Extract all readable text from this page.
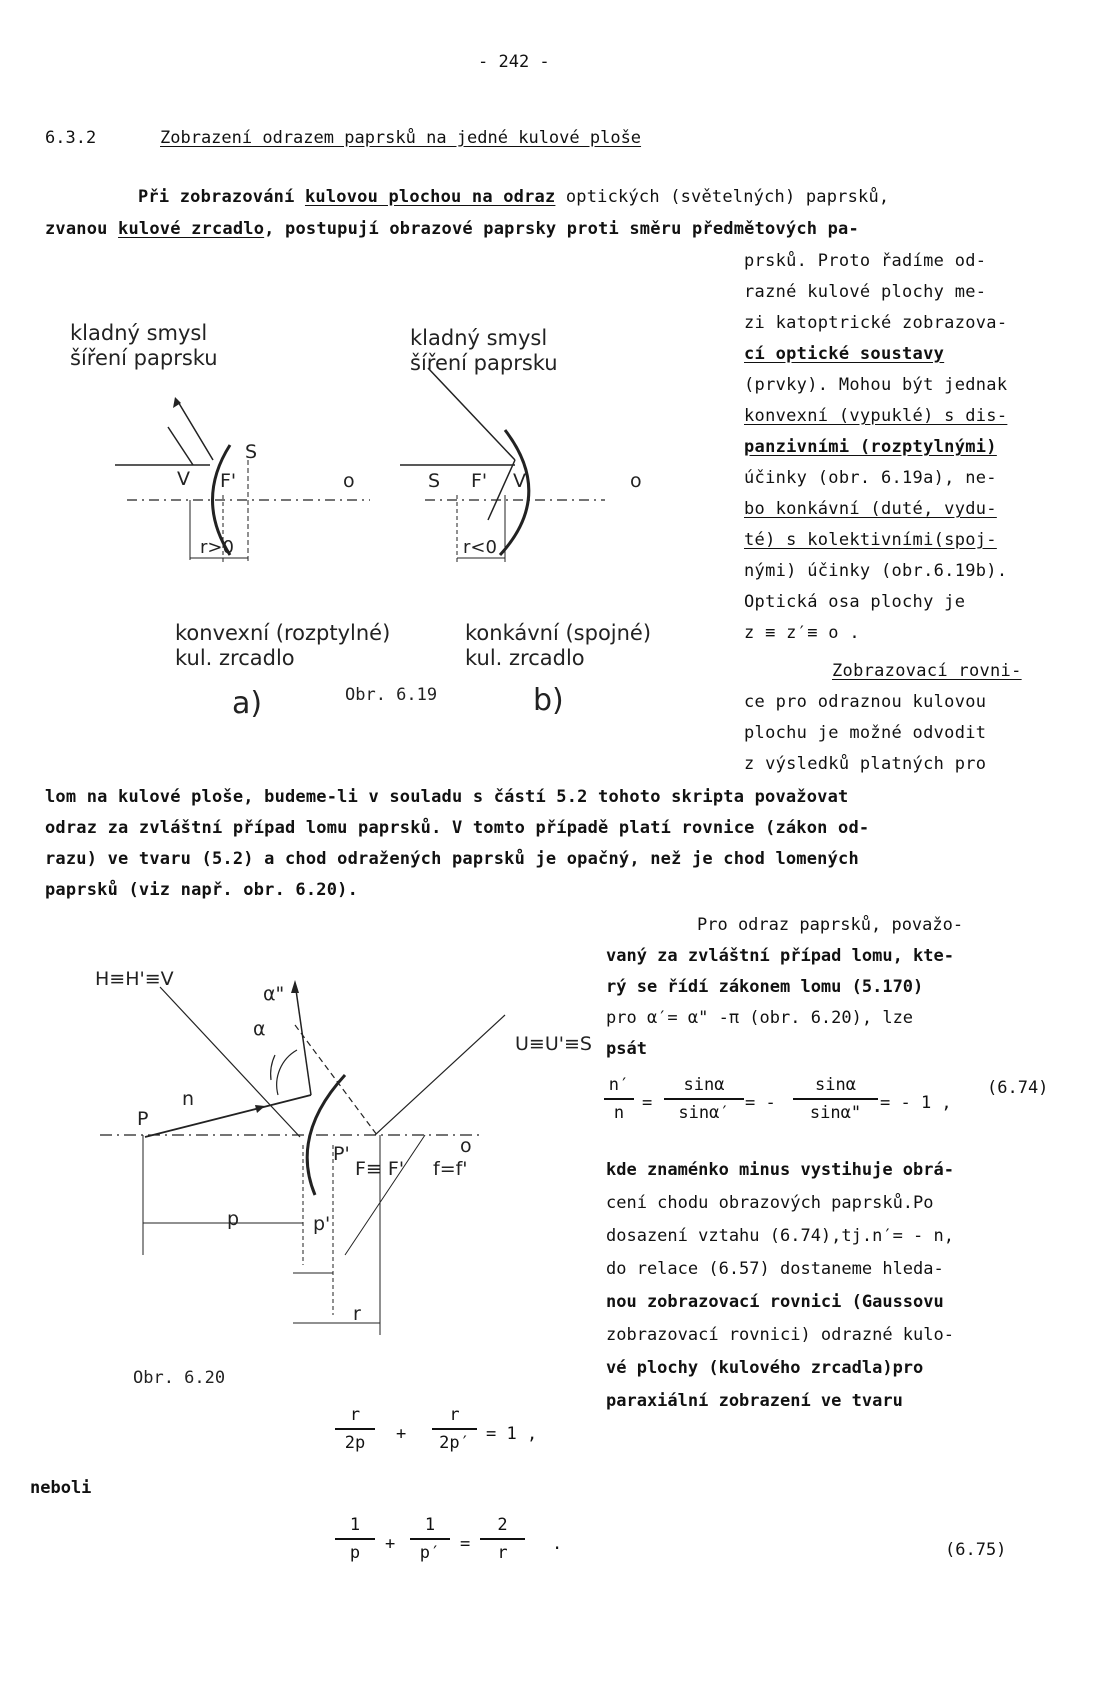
- 242 -
6.3.2	Zobrazení odrazem paprsků na jedné kulové ploše
Při zobrazování kulovou plochou na odraz optických (světelných) paprsků,
zvanou kulové zrcadlo, postupují obrazové paprsky proti směru předmětových pa-
prsků. Proto řadíme od-
razné kulové plochy me-
zi katoptrické zobrazova-
cí optické soustavy
(prvky). Mohou být jednak
konvexní (vypuklé) s dis-
panzivními (rozptylnými)
účinky (obr. 6.19a), ne-
bo konkávní (duté, vydu-
té) s kolektivními(spoj-
nými) účinky (obr.6.19b).
Optická osa plochy je
z ≡ z′≡ o .
Zobrazovací rovni-
ce pro odraznou kulovou
plochu je možné odvodit
z výsledků platných pro
kladný smysl
šíření paprsku
kladný smysl
šíření paprsku
V F'
S
o
r>0
S F' V	o
r<0
konvexní (rozptylné)
kul. zrcadlo
konkávní (spojné)
kul. zrcadlo
a)	b)
Obr. 6.19
lom na kulové ploše, budeme-li v souladu s částí 5.2 tohoto skripta považovat
odraz za zvláštní případ lomu paprsků. V tomto případě platí rovnice (zákon od-
razu) ve tvaru (5.2) a chod odražených paprsků je opačný, než je chod lomených
paprsků (viz např. obr. 6.20).
H≡H'≡V
U≡U'≡S
α"
α
n
P
P'
F≡ F' f=f'
o
p	p'
r
Obr. 6.20
Pro odraz paprsků, považo-
vaný za zvláštní případ lomu, kte-
rý se řídí zákonem lomu (5.170)
pro α′= α" -π (obr. 6.20), lze
psát
n′
n	=
sinα
sinα′ = -
sinα
sinα"	= - 1 ,
(6.74)
kde znaménko minus vystihuje obrá-
cení chodu obrazových paprsků.Po
dosazení vztahu (6.74),tj.n′= - n,
do relace (6.57) dostaneme hleda-
nou zobrazovací rovnici (Gaussovu
zobrazovací rovnici) odrazné kulo-
vé plochy (kulového zrcadla)pro
paraxiální zobrazení ve tvaru
r
2p	+
r
2p′ = 1 ,
neboli
1
p	+
1
p′	=
2
r	.	(6.75)
